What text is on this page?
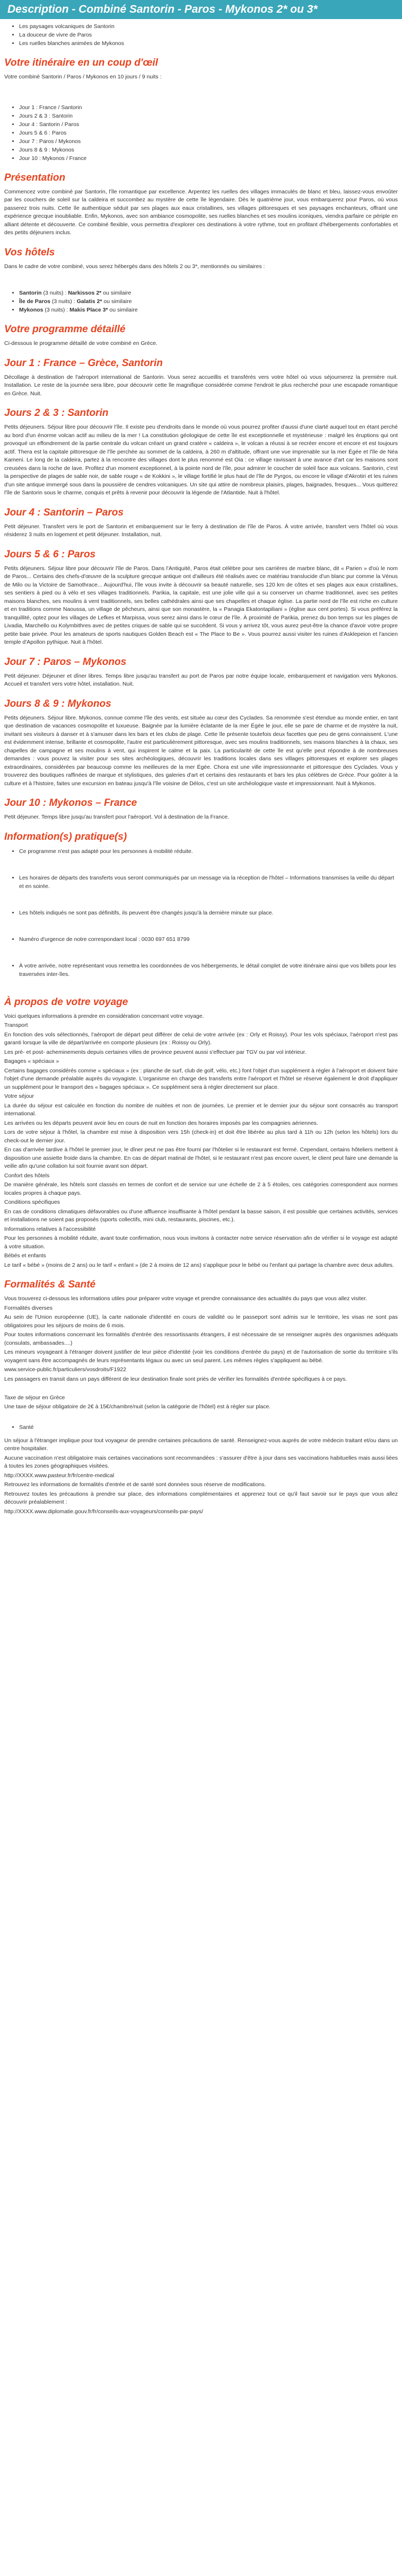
Description - Combiné Santorin - Paros - Mykonos 2* ou 3*
• Les paysages volcaniques de Santorin
• La douceur de vivre de Paros
• Les ruelles blanches animées de Mykonos
Votre itinéraire en un coup d'œil

Votre combiné Santorin / Paros / Mykonos en 10 jours / 9 nuits :

• Jour 1 : France / Santorin
• Jours 2 & 3 : Santorin
• Jour 4 : Santorin / Paros
• Jours 5 & 6 : Paros
• Jour 7 : Paros / Mykonos
• Jours 8 & 9 : Mykonos
• Jour 10 : Mykonos / France
Présentation

Commencez votre combiné par Santorin, l'île romantique par excellence. Arpentez les ruelles des villages immaculés de blanc et bleu, laissez-vous envoûter par les couchers de soleil sur la caldeira et succombez au mystère de cette île légendaire. Dès le quatrième jour, vous embarquerez pour Paros, où vous passerez trois nuits. Cette île authentique séduit par ses plages aux eaux cristallines, ses villages pittoresques et ses paysages enchanteurs, offrant une expérience grecque inoubliable. Enfin, Mykonos, avec son ambiance cosmopolite, ses ruelles blanches et ses moulins iconiques, viendra parfaire ce périple en alliant détente et découverte. Ce combiné flexible, vous permettra d'explorer ces destinations à votre rythme, tout en profitant d'hébergements confortables et des petits déjeuners inclus.

Vos hôtels

Dans le cadre de votre combiné, vous serez hébergés dans des hôtels 2 ou 3*, mentionnés ou similaires :

• Santorin (3 nuits) : Narkissos 2* ou similaire
• Île de Paros (3 nuits) : Galatis 2* ou similaire
• Mykonos (3 nuits) : Makis Place 3* ou similaire
Votre programme détaillé

Ci-dessous le programme détaillé de votre combiné en Grèce.

Jour 1 : France – Grèce, Santorin

Décollage à destination de l'aéroport international de Santorin. Vous serez accueillis et transférés vers votre hôtel où vous séjournerez la première nuit. Installation. Le reste de la journée sera libre, pour découvrir cette île magnifique considérée comme l'endroit le plus recherché pour une escapade romantique en Grèce. Nuit.

Jours 2 & 3 : Santorin

Petits déjeuners. Séjour libre pour découvrir l'île. Il existe peu d'endroits dans le monde où vous pourrez profiter d'aussi d'une clarté auquel tout en étant perché au bord d'un énorme volcan actif au milieu de la mer ! La constitution géologique de cette île est exceptionnelle et mystérieuse : malgré les éruptions qui ont provoqué un effondrement de la partie centrale du volcan créant un grand cratère « caldeira », le volcan a réussi à se recréer encore et encore et est toujours actif. Thera est la capitale pittoresque de l'île perchée au sommet de la caldeira, à 260 m d'altitude, offrant une vue imprenable sur la mer Égée et l'île de Néa Kameni. Le long de la caldeira, partez à la rencontre des villages dont le plus renommé est Oia : ce village ravissant à une avance d'art car les maisons sont creusées dans la roche de lave. Profitez d'un moment exceptionnel, à la pointe nord de l'île, pour admirer le coucher de soleil face aux volcans. Santorin, c'est la perspective de plages de sable noir, de sable rouge « de Kokkini », le village fortifié le plus haut de l'île de Pyrgos, ou encore le village d'Akrotiri et les ruines d'un site antique immergé sous dans la poussière de cendres volcaniques. Un site qui attire de nombreux plaisirs, plages, baignades, fresques... Vous quitterez l'île de Santorin sous le charme, conquis et prêts à revenir pour découvrir la légende de l'Atlantide. Nuit à l'hôtel.

Jour 4 : Santorin – Paros

Petit déjeuner. Transfert vers le port de Santorin et embarquement sur le ferry à destination de l'île de Paros. À votre arrivée, transfert vers l'hôtel où vous résiderez 3 nuits en logement et petit déjeuner. Installation, nuit.

Jours 5 & 6 : Paros

Petits déjeuners. Séjour libre pour découvrir l'île de Paros. Dans l'Antiquité, Paros était célèbre pour ses carrières de marbre blanc, dit « Parien » d'où le nom de Paros... Certains des chefs-d'œuvre de la sculpture grecque antique ont d'ailleurs été réalisés avec ce matériau translucide d'un blanc pur comme la Vénus de Milo ou la Victoire de Samothrace... Aujourd'hui, l'île vous invite à découvrir sa beauté naturelle, ses 120 km de côtes et ses plages aux eaux cristallines, ses sentiers à pied ou à vélo et ses villages traditionnels. Parikia, la capitale, est une jolie ville qui a su conserver un charme traditionnel, avec ses petites maisons blanches, ses moulins à vent traditionnels, ses belles cathédrales ainsi que ses chapelles et chaque église. La partie nord de l'île est riche en culture et en traditions comme Naoussa, un village de pêcheurs, ainsi que son monastère, la « Panagia Ekatontapiliani » (église aux cent portes). Si vous préférez la tranquillité, optez pour les villages de Lefkes et Marpissa, vous serez ainsi dans le cœur de l'île. À proximité de Parikia, prenez du bon temps sur les plages de Livadia, Marchello ou Kolymbithres avec de petites criques de sable qui se succèdent. Si vous y arrivez tôt, vous aurez peut-être la chance d'avoir votre propre petite baie privée. Pour les amateurs de sports nautiques Golden Beach est « The Place to Be ». Vous pourrez aussi visiter les ruines d'Asklepeion et l'ancien temple d'Apollon pythique. Nuit à l'hôtel.

Jour 7 : Paros – Mykonos

Petit déjeuner. Déjeuner et dîner libres. Temps libre jusqu'au transfert au port de Paros par notre équipe locale, embarquement et navigation vers Mykonos. Accueil et transfert vers votre hôtel, installation. Nuit.

Jours 8 & 9 : Mykonos

Petits déjeuners. Séjour libre. Mykonos, connue comme l'île des vents, est située au cœur des Cyclades. Sa renommée s'est étendue au monde entier, en tant que destination de vacances cosmopolite et luxueuse. Baignée par la lumière éclatante de la mer Égée le jour, elle se pare de charme et de mystère la nuit, invitant ses visiteurs à danser et à s'amuser dans les bars et les clubs de plage. Cette île présente toutefois deux facettes que peu de gens connaissent. L'une est évidemment intense, brillante et cosmopolite, l'autre est particulièrement pittoresque, avec ses moulins traditionnels, ses maisons blanches à la chaux, ses chapelles de campagne et ses moulins à vent, qui inspirent le calme et la paix. La particularité de cette île est qu'elle peut répondre à de nombreuses demandes : vous pouvez la visiter pour ses sites archéologiques, découvrir les traditions locales dans ses villages pittoresques et explorer ses plages extraordinaires, considérées par beaucoup comme les meilleures de la mer Égée. Chora est une ville impressionnante et pittoresque des Cyclades. Vous y trouverez des boutiques raffinées de marque et stylistiques, des galeries d'art et certains des restaurants et bars les plus célèbres de Grèce. Pour goûter à la culture et à l'histoire, faites une excursion en bateau jusqu'à l'île voisine de Délos, c'est un site archéologique vaste et impressionnant. Nuit à Mykonos.

Jour 10 : Mykonos – France

Petit déjeuner. Temps libre jusqu'au transfert pour l'aéroport. Vol à destination de la France.

Information(s) pratique(s)
• Ce programme n'est pas adapté pour les personnes à mobilité réduite.
• Les horaires de départs des transferts vous seront communiqués par un message via la réception de l'hôtel – Informations transmises la veille du départ et en soirée.
• Les hôtels indiqués ne sont pas définitifs, ils peuvent être changés jusqu'à la dernière minute sur place.
• Numéro d'urgence de notre correspondant local : 0030 697 651 8799
• À votre arrivée, notre représentant vous remettra les coordonnées de vos hébergements, le détail complet de votre itinéraire ainsi que vos billets pour les traversées inter-îles.
À propos de votre voyage

Voici quelques informations à prendre en considération concernant votre voyage.

Transport

En fonction des vols sélectionnés, l'aéroport de départ peut différer de celui de votre arrivée (ex : Orly et Roissy). Pour les vols spéciaux, l'aéroport n'est pas garanti lorsque la ville de départ/arrivée en comporte plusieurs (ex : Roissy ou Orly).

Les pré- et post- acheminements depuis certaines villes de province peuvent aussi s'effectuer par TGV ou par vol intérieur.

Bagages « spéciaux »

Certains bagages considérés comme « spéciaux » (ex : planche de surf, club de golf, vélo, etc.) font l'objet d'un supplément à régler à l'aéroport et doivent faire l'objet d'une demande préalable auprès du voyagiste. L'organisme en charge des transferts entre l'aéroport et l'hôtel se réserve également le droit d'appliquer un supplément pour le transport des « bagages spéciaux ». Ce supplément sera à régler directement sur place.

Votre séjour

La durée du séjour est calculée en fonction du nombre de nuitées et non de journées. Le premier et le dernier jour du séjour sont consacrés au transport international.

Les arrivées ou les départs peuvent avoir lieu en cours de nuit en fonction des horaires imposés par les compagnies aériennes.

Lors de votre séjour à l'hôtel, la chambre est mise à disposition vers 15h (check-in) et doit être libérée au plus tard à 11h ou 12h (selon les hôtels) lors du check-out le dernier jour.

En cas d'arrivée tardive à l'hôtel le premier jour, le dîner peut ne pas être fourni par l'hôtelier si le restaurant est fermé. Cependant, certains hôteliers mettent à disposition une assiette froide dans la chambre. En cas de départ matinal de l'hôtel, si le restaurant n'est pas encore ouvert, le client peut faire une demande la veille afin qu'une collation lui soit fournie avant son départ.

Confort des hôtels

De manière générale, les hôtels sont classés en termes de confort et de service sur une échelle de 2 à 5 étoiles, ces catégories correspondent aux normes locales propres à chaque pays.

Conditions spécifiques

En cas de conditions climatiques défavorables ou d'une affluence insuffisante à l'hôtel pendant la basse saison, il est possible que certaines activités, services et installations ne soient pas proposés (sports collectifs, mini club, restaurants, piscines, etc.).

Informations relatives à l'accessibilité

Pour les personnes à mobilité réduite, avant toute confirmation, nous vous invitons à contacter notre service réservation afin de vérifier si le voyage est adapté à votre situation.

Bébés et enfants

Le tarif « bébé » (moins de 2 ans) ou le tarif « enfant » (de 2 à moins de 12 ans) s'applique pour le bébé ou l'enfant qui partage la chambre avec deux adultes.

Formalités & Santé

Vous trouverez ci-dessous les informations utiles pour préparer votre voyage et prendre connaissance des actualités du pays que vous allez visiter.

Formalités diverses

Au sein de l'Union européenne (UE), la carte nationale d'identité en cours de validité ou le passeport sont admis sur le territoire, les visas ne sont pas obligatoires pour les séjours de moins de 6 mois.

Pour toutes informations concernant les formalités d'entrée des ressortissants étrangers, il est nécessaire de se renseigner auprès des organismes adéquats (consulats, ambassades....)

Les mineurs voyageant à l'étranger doivent justifier de leur pièce d'identité (voir les conditions d'entrée du pays) et de l'autorisation de sortie du territoire s'ils voyagent sans être accompagnés de leurs représentants légaux ou avec un seul parent. Les mêmes règles s'appliquent au bébé.

www.service-public.fr/particuliers/vosdroits/F1922

Les passagers en transit dans un pays différent de leur destination finale sont priés de vérifier les formalités d'entrée spécifiques à ce pays.

Taxe de séjour en Grèce

Une taxe de séjour obligatoire de 2€ à 15€/chambre/nuit (selon la catégorie de l'hôtel) est à régler sur place.

• Santé

Un séjour à l'étranger implique pour tout voyageur de prendre certaines précautions de santé. Renseignez-vous auprès de votre médecin traitant et/ou dans un centre hospitalier.

Aucune vaccination n'est obligatoire mais certaines vaccinations sont recommandées : s'assurer d'être à jour dans ses vaccinations habituelles mais aussi liées à toutes les zones géographiques visitées.

http://XXXX.www.pasteur.fr/fr/centre-medical

Retrouvez les informations de formalités d'entrée et de santé sont données sous réserve de modifications.

Retrouvez toutes les précautions à prendre sur place, des informations complémentaires et apprenez tout ce qu'il faut savoir sur le pays que vous allez découvrir préalablement :

http://XXXX.www.diplomatie.gouv.fr/fr/conseils-aux-voyageurs/conseils-par-pays/
